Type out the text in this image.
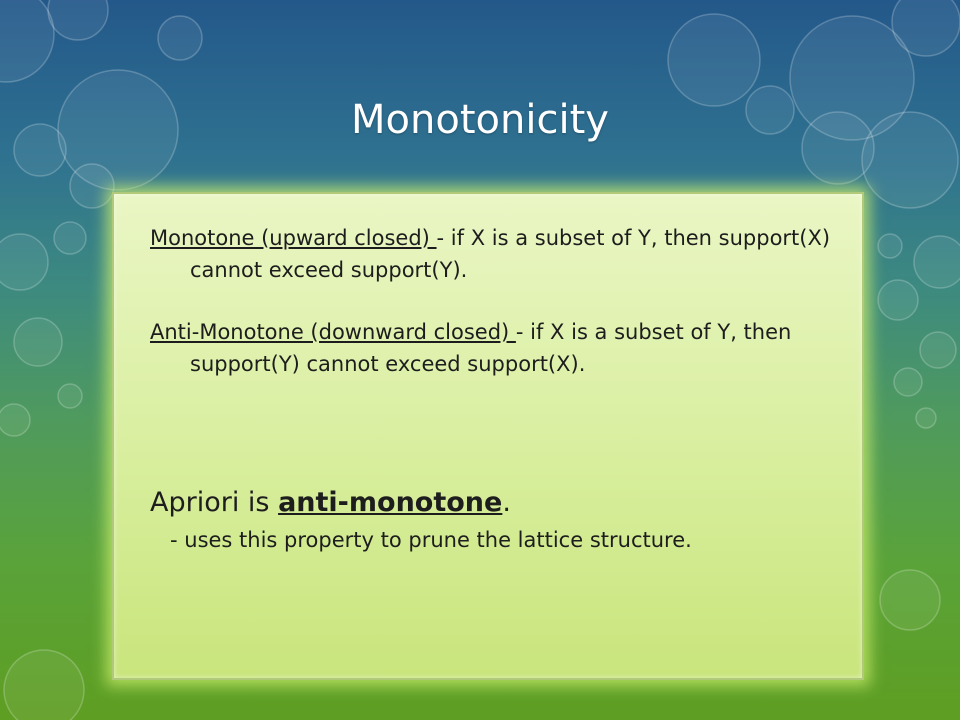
Monotonicity

Monotone (upward closed) - if X is a subset of Y, then support(X) cannot exceed support(Y).

Anti-Monotone (downward closed) - if X is a subset of Y, then support(Y) cannot exceed support(X).

Apriori is anti-monotone.

- uses this property to prune the lattice structure.
